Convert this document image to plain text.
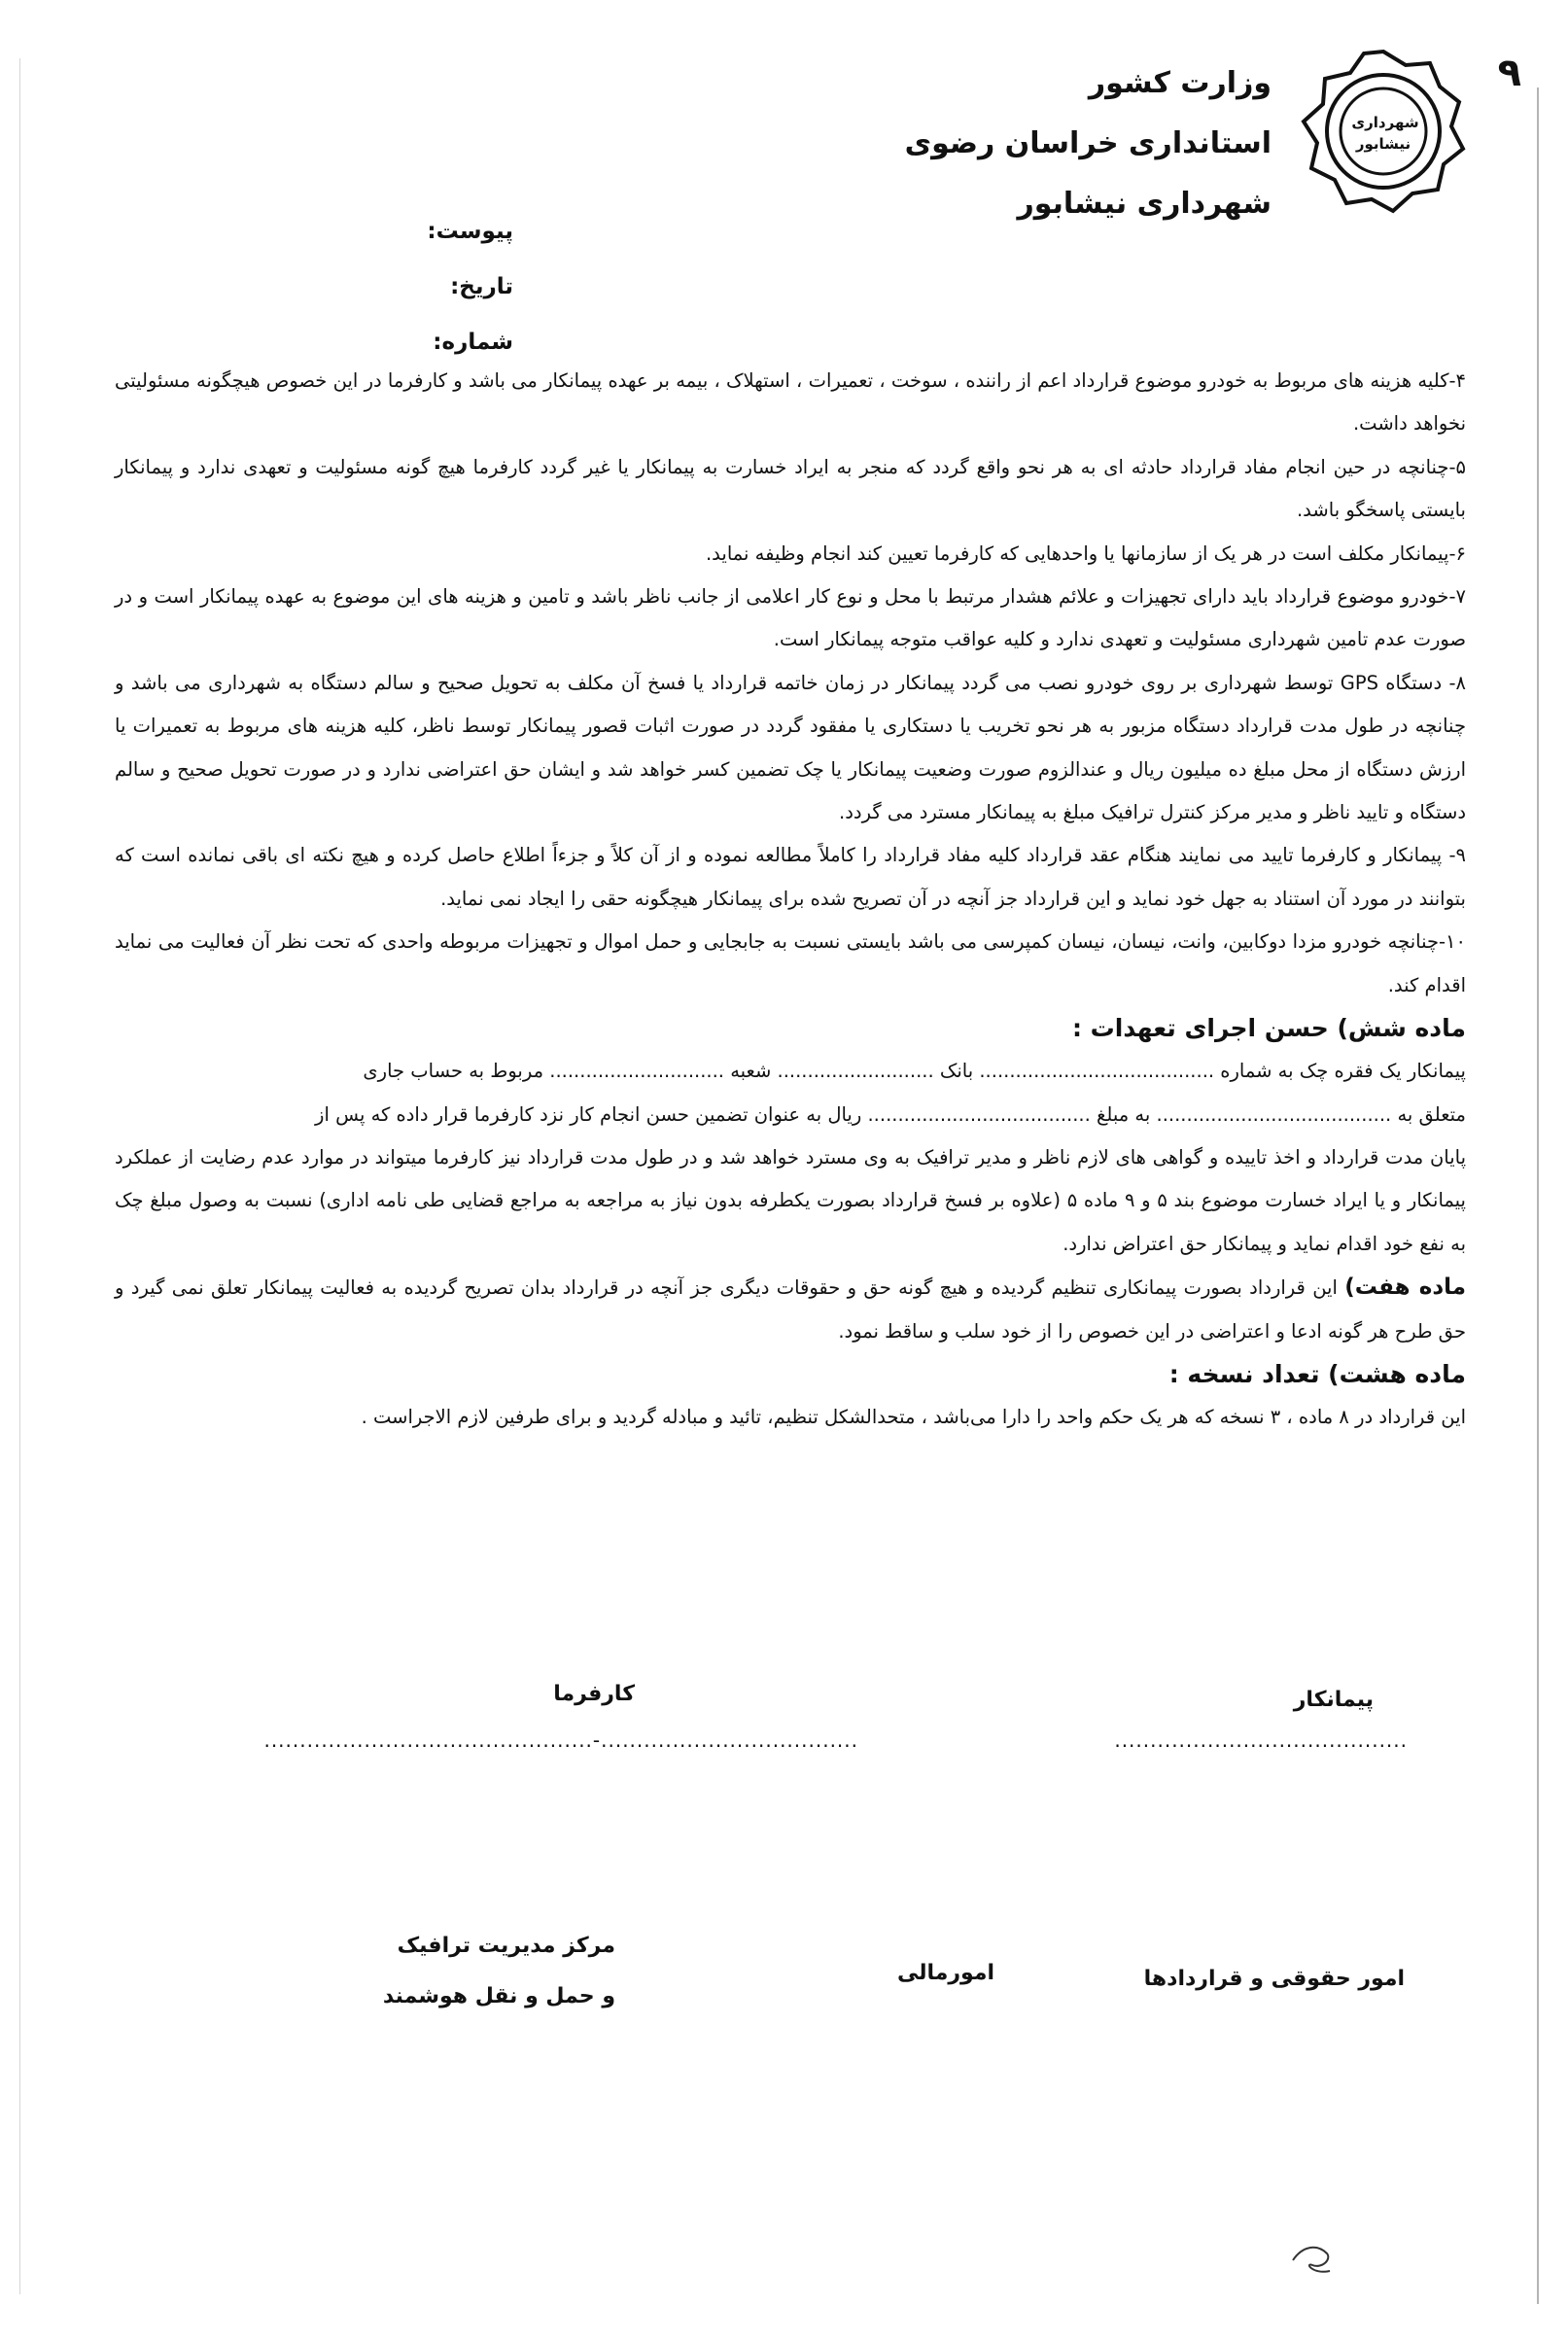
۹
شهرداری
نیشابور
وزارت کشور
استانداری خراسان رضوی
شهرداری نیشابور
پیوست:
تاریخ:
شماره:

۴-کلیه هزینه های مربوط به خودرو موضوع قرارداد اعم از راننده ، سوخت ، تعمیرات ، استهلاک ، بیمه بر عهده پیمانکار می باشد و کارفرما در این خصوص هیچگونه مسئولیتی نخواهد داشت.

۵-چنانچه در حین انجام مفاد قرارداد حادثه ای به هر نحو واقع گردد که منجر به ایراد خسارت به پیمانکار یا غیر گردد کارفرما هیچ گونه مسئولیت و تعهدی ندارد و پیمانکار بایستی پاسخگو باشد.

۶-پیمانکار مکلف است در هر یک از سازمانها یا واحدهایی که کارفرما تعیین کند انجام وظیفه نماید.

۷-خودرو موضوع قرارداد باید دارای تجهیزات و علائم هشدار مرتبط با محل و نوع کار اعلامی از جانب ناظر باشد و تامین و هزینه های این موضوع به عهده پیمانکار است و در صورت عدم تامین شهرداری مسئولیت و تعهدی ندارد و کلیه عواقب متوجه پیمانکار است.

۸- دستگاه GPS توسط شهرداری بر روی خودرو نصب می گردد پیمانکار در زمان خاتمه قرارداد یا فسخ آن مکلف به تحویل صحیح و سالم دستگاه به شهرداری می باشد و چنانچه در طول مدت قرارداد دستگاه مزبور به هر نحو تخریب یا دستکاری یا مفقود گردد در صورت اثبات قصور پیمانکار توسط ناظر، کلیه هزینه های مربوط به تعمیرات یا ارزش دستگاه از محل مبلغ ده میلیون ریال و عندالزوم صورت وضعیت پیمانکار یا چک تضمین کسر خواهد شد و ایشان حق اعتراضی ندارد و در صورت تحویل صحیح و سالم دستگاه و تایید ناظر و مدیر مرکز کنترل ترافیک مبلغ به پیمانکار مسترد می گردد.

۹- پیمانکار و کارفرما تایید می نمایند هنگام عقد قرارداد کلیه مفاد قرارداد را کاملاً مطالعه نموده و از آن کلاً و جزءاً اطلاع حاصل کرده و هیچ نکته ای باقی نمانده است که بتوانند در مورد آن استناد به جهل خود نماید و این قرارداد جز آنچه در آن تصریح شده برای پیمانکار هیچگونه حقی را ایجاد نمی نماید.

۱۰-چنانچه خودرو مزدا دوکابین، وانت، نیسان، نیسان کمپرسی می باشد بایستی نسبت به جابجایی و حمل اموال و تجهیزات مربوطه واحدی که تحت نظر آن فعالیت می نماید اقدام کند.

ماده شش) حسن اجرای تعهدات :

پیمانکار یک فقره چک به شماره ....................................... بانک .......................... شعبه ............................. مربوط به حساب جاری
متعلق به ....................................... به مبلغ ..................................... ریال به عنوان تضمین حسن انجام کار نزد کارفرما قرار داده که پس از

پایان مدت قرارداد و اخذ تاییده و گواهی های لازم ناظر و مدیر ترافیک به وی مسترد خواهد شد و در طول مدت قرارداد نیز کارفرما میتواند در موارد عدم رضایت از عملکرد پیمانکار و یا ایراد خسارت موضوع بند ۵ و ۹ ماده ۵ (علاوه بر فسخ قرارداد بصورت یکطرفه بدون نیاز به مراجعه به مراجع قضایی طی نامه اداری) نسبت به وصول مبلغ چک به نفع خود اقدام نماید و پیمانکار حق اعتراض ندارد.

ماده هفت) این قرارداد بصورت پیمانکاری تنظیم گردیده و هیچ گونه حق و حقوقات دیگری جز آنچه در قرارداد بدان تصریح گردیده به فعالیت پیمانکار تعلق نمی گیرد و حق طرح هر گونه ادعا و اعتراضی در این خصوص را از خود سلب و ساقط نمود.

ماده هشت) تعداد نسخه :

این قرارداد در ۸ ماده ، ۳ نسخه که هر یک حکم واحد را دارا می‌باشد ، متحدالشکل تنظیم، تائید و مبادله گردید و برای طرفین لازم الاجراست .

پیمانکار
کارفرما
.........................................
....................................-..............................................
امور حقوقی و قراردادها
امورمالی
مرکز مدیریت ترافیک
و حمل و نقل هوشمند
